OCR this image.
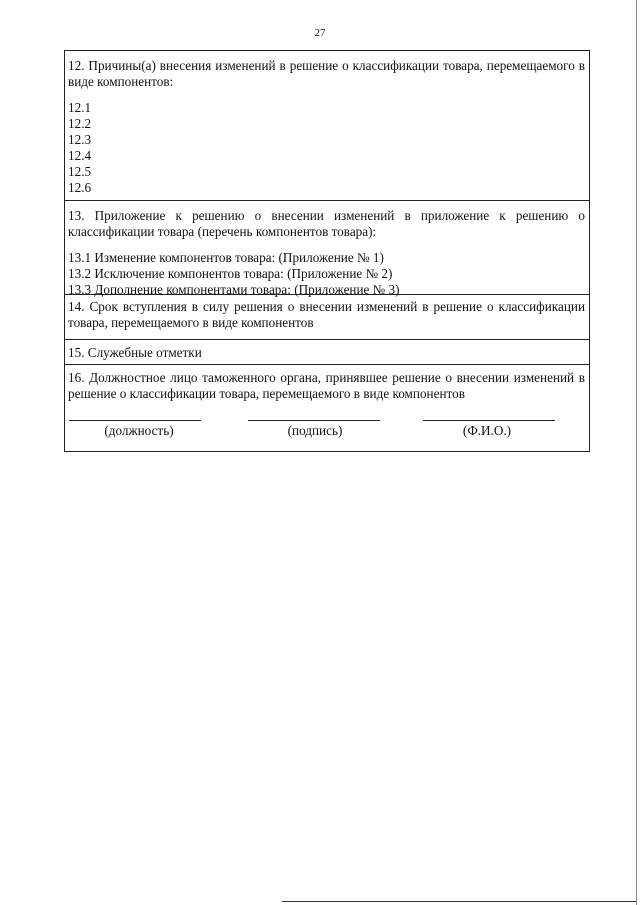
27
12. Причины(а) внесения изменений в решение о классификации товара, перемещаемого в виде компонентов:
12.1
12.2
12.3
12.4
12.5
12.6
13. Приложение к решению о внесении изменений в приложение к решению о классификации товара (перечень компонентов товара):
13.1 Изменение компонентов товара: (Приложение № 1)
13.2 Исключение компонентов товара: (Приложение № 2)
13.3 Дополнение компонентами товара: (Приложение № 3)
14. Срок вступления в силу решения о внесении изменений в решение о классификации товара, перемещаемого в виде компонентов
15. Служебные отметки
16. Должностное лицо таможенного органа, принявшее решение о внесении изменений в решение о классификации товара, перемещаемого в виде компонентов
(должность)	(подпись)	(Ф.И.О.)
